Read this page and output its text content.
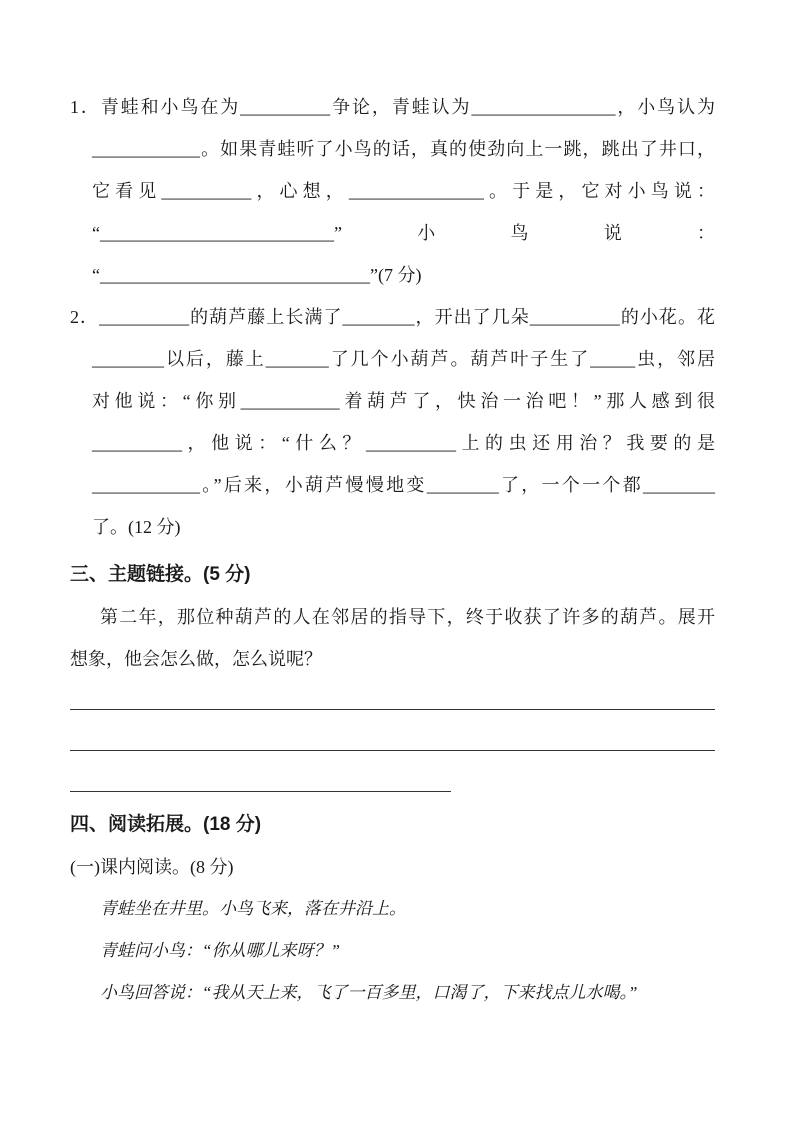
1．青蛙和小鸟在为__________争论，青蛙认为________________，小鸟认为
____________。如果青蛙听了小鸟的话，真的使劲向上一跳，跳出了井口，
它看见__________，心想，_______________。于是，它对小鸟说：
“__________________________”	小	鸟	说	：
“______________________________”(7 分)
2．__________的葫芦藤上长满了________，开出了几朵__________的小花。花
________以后，藤上_______了几个小葫芦。葫芦叶子生了_____虫，邻居
对他说：“你别___________着葫芦了，快治一治吧！”那人感到很
__________，他说：“什么？__________上的虫还用治？我要的是
____________。”后来，小葫芦慢慢地变________了，一个一个都________
了。(12 分)
三、主题链接。(5 分)
第二年，那位种葫芦的人在邻居的指导下，终于收获了许多的葫芦。展开
想象，他会怎么做，怎么说呢？
四、阅读拓展。(18 分)
(一)课内阅读。(8 分)
青蛙坐在井里。小鸟飞来，落在井沿上。
青蛙问小鸟：“你从哪儿来呀？”
小鸟回答说：“我从天上来，飞了一百多里，口渴了，下来找点儿水喝。”
